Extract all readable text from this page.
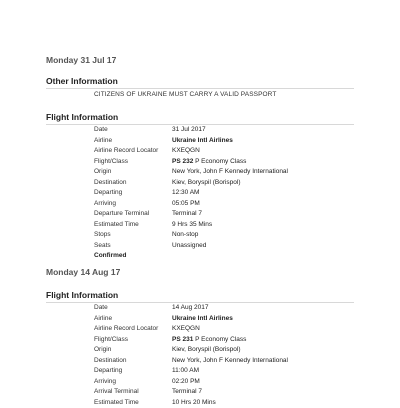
Monday 31 Jul 17
Other Information
CITIZENS OF UKRAINE MUST CARRY A VALID PASSPORT
Flight Information
Date	31 Jul 2017
Airline	Ukraine Intl Airlines
Airline Record Locator	KXEQGN
Flight/Class	PS 232 P Economy Class
Origin	New York, John F Kennedy International
Destination	Kiev, Boryspil (Borispol)
Departing	12:30 AM
Arriving	05:05 PM
Departure Terminal	Terminal 7
Estimated Time	9 Hrs 35 Mins
Stops	Non-stop
Seats	Unassigned
Confirmed
Monday 14 Aug 17
Flight Information
Date	14 Aug 2017
Airline	Ukraine Intl Airlines
Airline Record Locator	KXEQGN
Flight/Class	PS 231 P Economy Class
Origin	Kiev, Boryspil (Borispol)
Destination	New York, John F Kennedy International
Departing	11:00 AM
Arriving	02:20 PM
Arrival Terminal	Terminal 7
Estimated Time	10 Hrs 20 Mins
